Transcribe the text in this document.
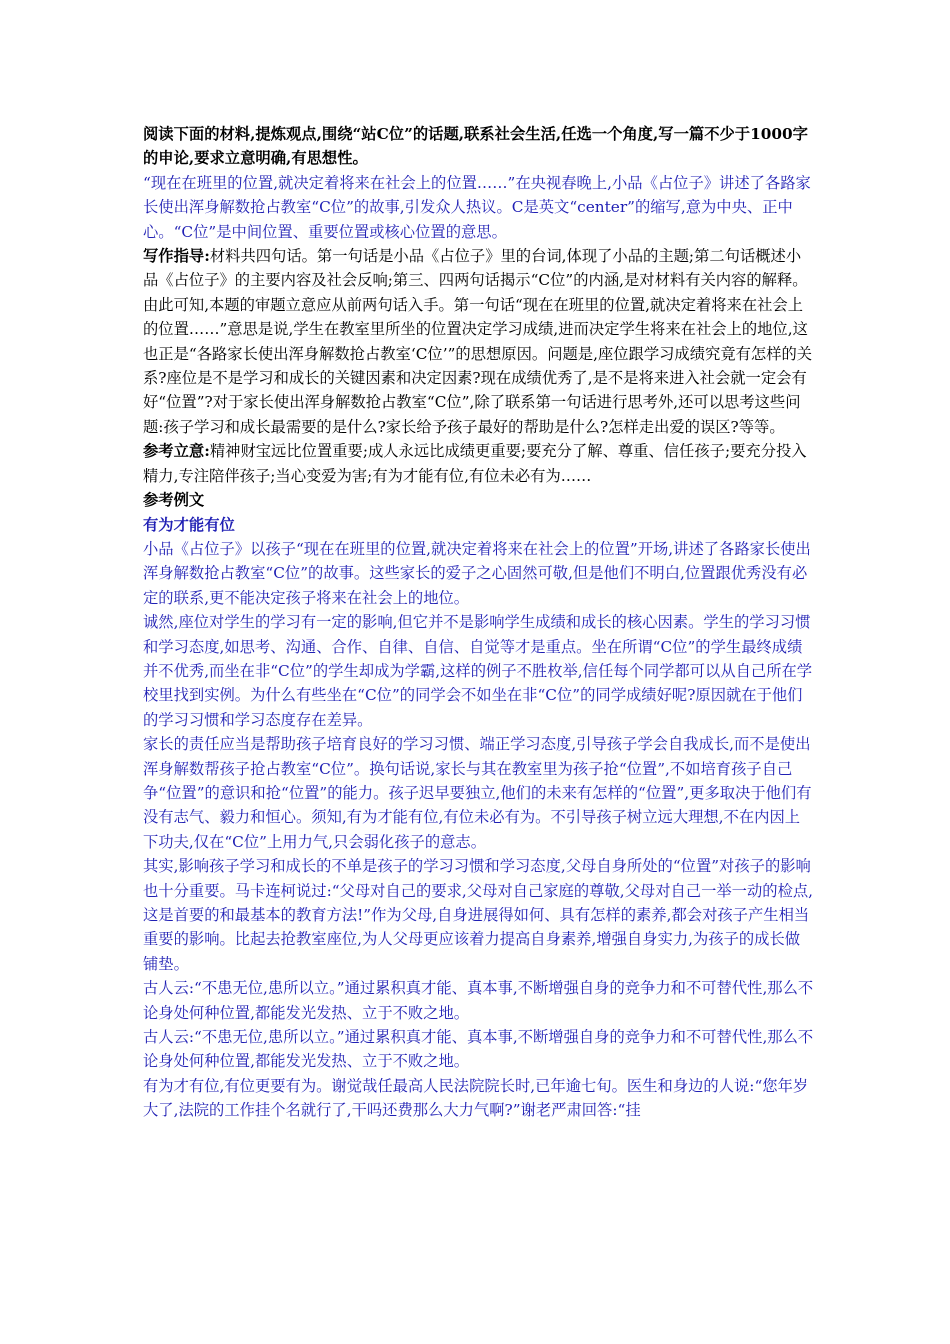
阅读下面的材料,提炼观点,围绕“站C位”的话题,联系社会生活,任选一个角度,写一篇不少于1000字的申论,要求立意明确,有思想性。

“现在在班里的位置,就决定着将来在社会上的位置……”在央视春晚上,小品《占位子》讲述了各路家长使出浑身解数抢占教室“C位”的故事,引发众人热议。C是英文“center”的缩写,意为中央、正中心。“C位”是中间位置、重要位置或核心位置的意思。

写作指导:材料共四句话。第一句话是小品《占位子》里的台词,体现了小品的主题;第二句话概述小品《占位子》的主要内容及社会反响;第三、四两句话揭示“C位”的内涵,是对材料有关内容的解释。由此可知,本题的审题立意应从前两句话入手。第一句话“现在在班里的位置,就决定着将来在社会上的位置……”意思是说,学生在教室里所坐的位置决定学习成绩,进而决定学生将来在社会上的地位,这也正是“各路家长使出浑身解数抢占教室‘C位’”的思想原因。问题是,座位跟学习成绩究竟有怎样的关系?座位是不是学习和成长的关键因素和决定因素?现在成绩优秀了,是不是将来进入社会就一定会有好“位置”?对于家长使出浑身解数抢占教室“C位”,除了联系第一句话进行思考外,还可以思考这些问题:孩子学习和成长最需要的是什么?家长给予孩子最好的帮助是什么?怎样走出爱的误区?等等。

参考立意:精神财宝远比位置重要;成人永远比成绩更重要;要充分了解、尊重、信任孩子;要充分投入精力,专注陪伴孩子;当心变爱为害;有为才能有位,有位未必有为……

参考例文

有为才能有位

小品《占位子》以孩子“现在在班里的位置,就决定着将来在社会上的位置”开场,讲述了各路家长使出浑身解数抢占教室“C位”的故事。这些家长的爱子之心固然可敬,但是他们不明白,位置跟优秀没有必定的联系,更不能决定孩子将来在社会上的地位。

诚然,座位对学生的学习有一定的影响,但它并不是影响学生成绩和成长的核心因素。学生的学习习惯和学习态度,如思考、沟通、合作、自律、自信、自觉等才是重点。坐在所谓“C位”的学生最终成绩并不优秀,而坐在非“C位”的学生却成为学霸,这样的例子不胜枚举,信任每个同学都可以从自己所在学校里找到实例。为什么有些坐在“C位”的同学会不如坐在非“C位”的同学成绩好呢?原因就在于他们的学习习惯和学习态度存在差异。

家长的责任应当是帮助孩子培育良好的学习习惯、端正学习态度,引导孩子学会自我成长,而不是使出浑身解数帮孩子抢占教室“C位”。换句话说,家长与其在教室里为孩子抢“位置”,不如培育孩子自己争“位置”的意识和抢“位置”的能力。孩子迟早要独立,他们的未来有怎样的“位置”,更多取决于他们有没有志气、毅力和恒心。须知,有为才能有位,有位未必有为。不引导孩子树立远大理想,不在内因上下功夫,仅在“C位”上用力气,只会弱化孩子的意志。

其实,影响孩子学习和成长的不单是孩子的学习习惯和学习态度,父母自身所处的“位置”对孩子的影响也十分重要。马卡连柯说过:“父母对自己的要求,父母对自己家庭的尊敬,父母对自己一举一动的检点,这是首要的和最基本的教育方法!”作为父母,自身进展得如何、具有怎样的素养,都会对孩子产生相当重要的影响。比起去抢教室座位,为人父母更应该着力提高自身素养,增强自身实力,为孩子的成长做铺垫。

古人云:“不患无位,患所以立。”通过累积真才能、真本事,不断增强自身的竞争力和不可替代性,那么不论身处何种位置,都能发光发热、立于不败之地。

古人云:“不患无位,患所以立。”通过累积真才能、真本事,不断增强自身的竞争力和不可替代性,那么不论身处何种位置,都能发光发热、立于不败之地。

有为才有位,有位更要有为。谢觉哉任最高人民法院院长时,已年逾七旬。医生和身边的人说:“您年岁大了,法院的工作挂个名就行了,干吗还费那么大力气啊?”谢老严肃回答:“挂
